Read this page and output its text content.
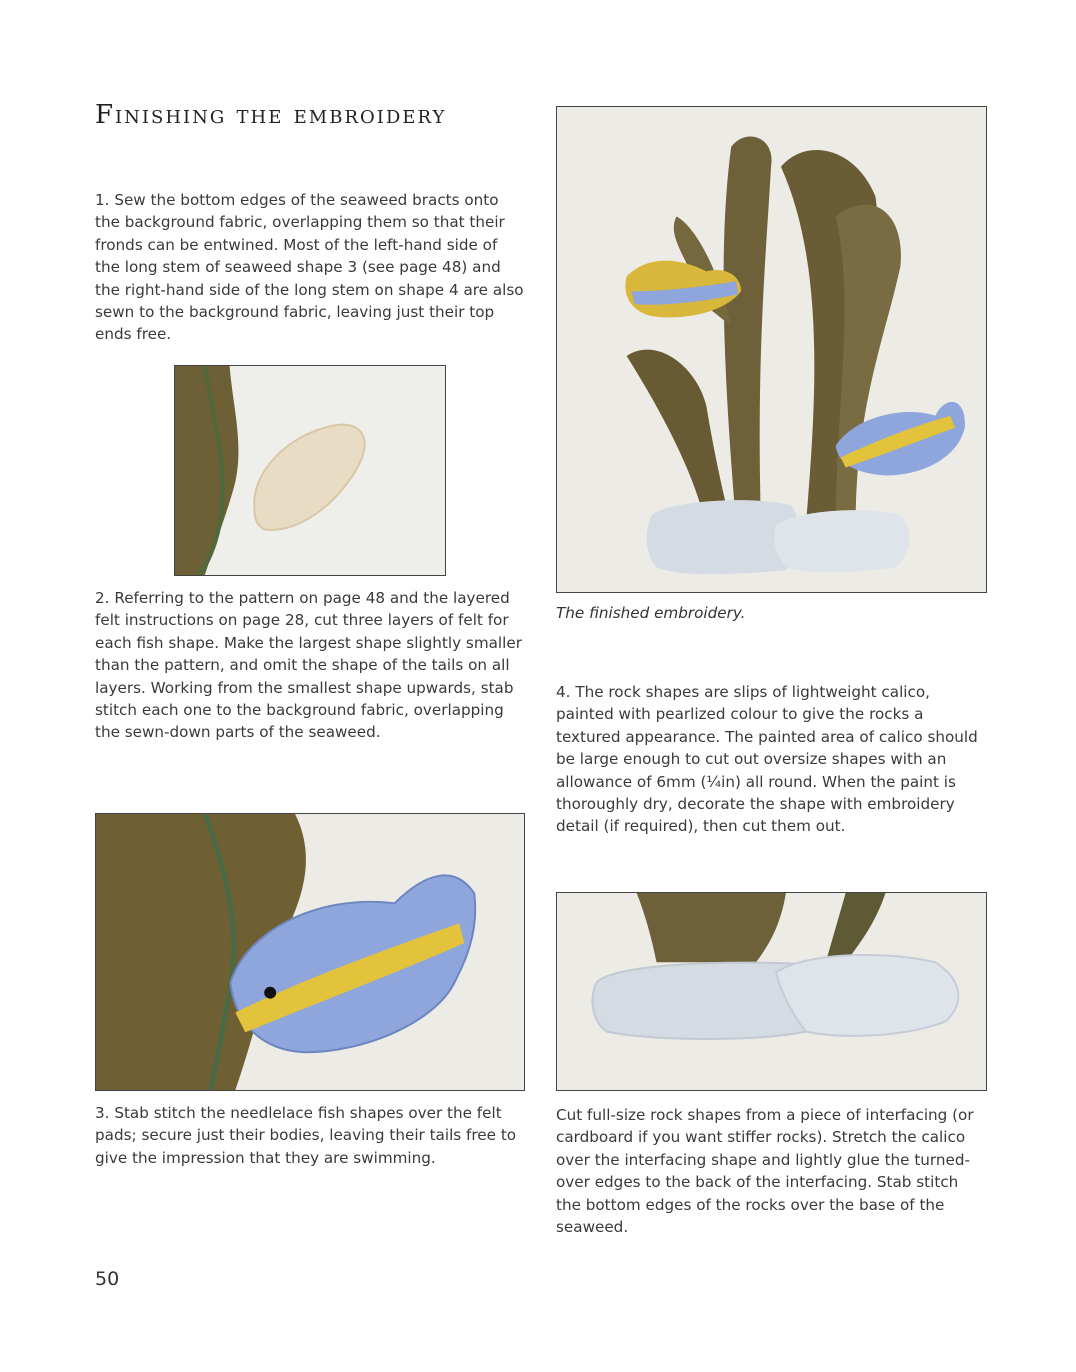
Finishing the embroidery
1. Sew the bottom edges of the seaweed bracts onto the background fabric, overlapping them so that their fronds can be entwined. Most of the left-hand side of the long stem of seaweed shape 3 (see page 48) and the right-hand side of the long stem on shape 4 are also sewn to the background fabric, leaving just their top ends free.
2. Referring to the pattern on page 48 and the layered felt instructions on page 28, cut three layers of felt for each fish shape. Make the largest shape slightly smaller than the pattern, and omit the shape of the tails on all layers. Working from the smallest shape upwards, stab stitch each one to the background fabric, overlapping the sewn-down parts of the seaweed.
3. Stab stitch the needlelace fish shapes over the felt pads; secure just their bodies, leaving their tails free to give the impression that they are swimming.
The finished embroidery.
4. The rock shapes are slips of lightweight calico, painted with pearlized colour to give the rocks a textured appearance. The painted area of calico should be large enough to cut out oversize shapes with an allowance of 6mm (¼in) all round. When the paint is thoroughly dry, decorate the shape with embroidery detail (if required), then cut them out.
Cut full-size rock shapes from a piece of interfacing (or cardboard if you want stiffer rocks). Stretch the calico over the interfacing shape and lightly glue the turned-over edges to the back of the interfacing. Stab stitch the bottom edges of the rocks over the base of the seaweed.
50
